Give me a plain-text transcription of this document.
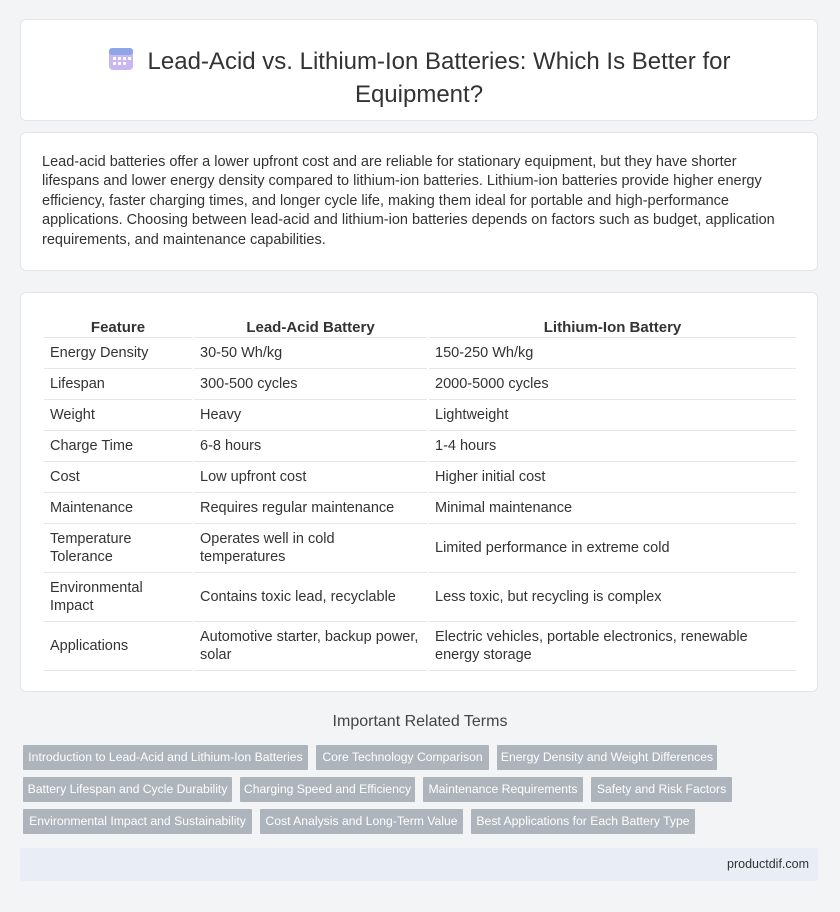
Lead-Acid vs. Lithium-Ion Batteries: Which Is Better for Equipment?

Lead-acid batteries offer a lower upfront cost and are reliable for stationary equipment, but they have shorter lifespans and lower energy density compared to lithium-ion batteries. Lithium-ion batteries provide higher energy efficiency, faster charging times, and longer cycle life, making them ideal for portable and high-performance applications. Choosing between lead-acid and lithium-ion batteries depends on factors such as budget, application requirements, and maintenance capabilities.

Feature	Lead-Acid Battery	Lithium-Ion Battery
Energy Density	30-50 Wh/kg	150-250 Wh/kg
Lifespan	300-500 cycles	2000-5000 cycles
Weight	Heavy	Lightweight
Charge Time	6-8 hours	1-4 hours
Cost	Low upfront cost	Higher initial cost
Maintenance	Requires regular maintenance	Minimal maintenance
Temperature Tolerance	Operates well in cold temperatures	Limited performance in extreme cold
Environmental Impact	Contains toxic lead, recyclable	Less toxic, but recycling is complex
Applications	Automotive starter, backup power, solar	Electric vehicles, portable electronics, renewable energy storage
Important Related Terms
Introduction to Lead-Acid and Lithium-Ion Batteries	Core Technology Comparison	Energy Density and Weight Differences
Battery Lifespan and Cycle Durability	Charging Speed and Efficiency	Maintenance Requirements	Safety and Risk Factors
Environmental Impact and Sustainability	Cost Analysis and Long-Term Value	Best Applications for Each Battery Type
productdif.com
